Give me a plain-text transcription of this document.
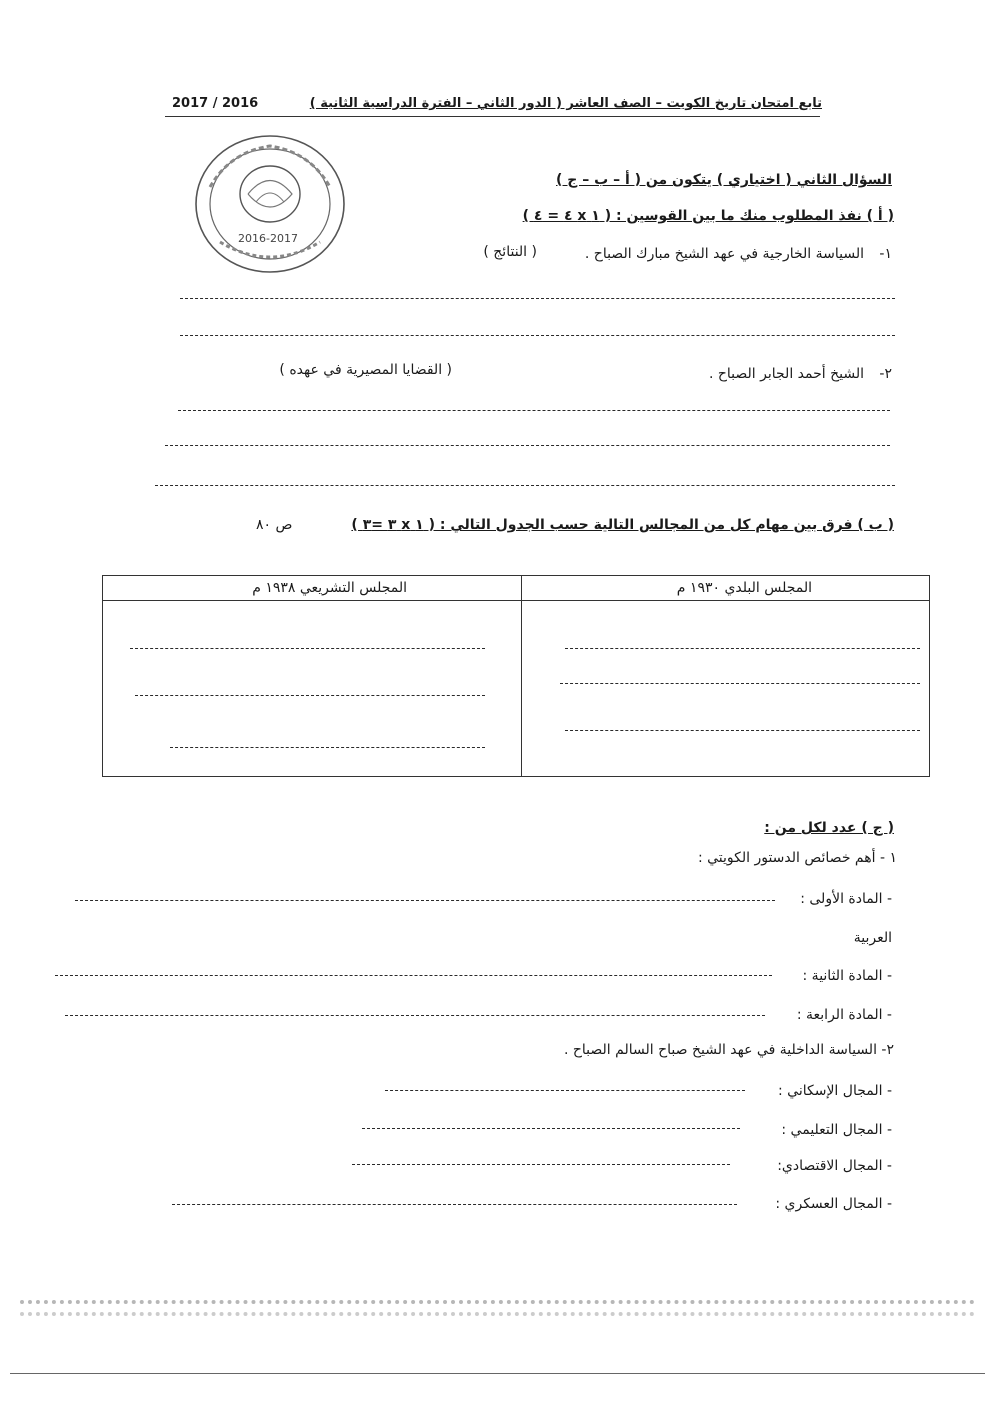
تابع امتحان تاريخ الكويت – الصف العاشر ( الدور الثاني – الفترة الدراسية الثانية )
2017 / 2016
2016-2017
السؤال الثاني ( اختياري ) يتكون من ( أ – ب – ج )
( أ ) نفذ المطلوب منك ما بين القوسين : ( ١ x ٤ = ٤ )
١-
السياسة الخارجية في عهد الشيخ مبارك الصباح .
( النتائج )
٢-
الشيخ أحمد الجابر الصباح .
( القضايا المصيرية في عهده )
( ب ) فرق بين مهام كل من المجالس التالية حسب الجدول التالي : ( ١ x ٣ =٣ )
ص ٨٠
المجلس البلدي ١٩٣٠ م
المجلس التشريعي ١٩٣٨ م
( ج ) عدد لكل من :
١ - أهم خصائص الدستور الكويتي :
- المادة الأولى :
العربية
- المادة الثانية :
- المادة الرابعة :
٢- السياسة الداخلية في عهد الشيخ صباح السالم الصباح .
- المجال الإسكاني :
- المجال التعليمي :
- المجال الاقتصادي:
- المجال العسكري :
